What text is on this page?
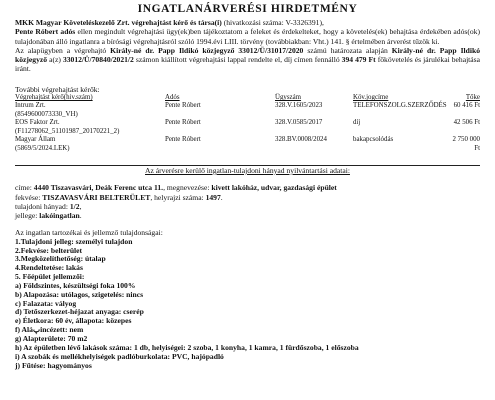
INGATLANÁRVERÉSI HIRDETMÉNY

MKK Magyar Követeléskezelő Zrt. végrehajtást kérő és társa(i) (hivatkozási száma: V-3326391),
Pente Róbert adós ellen megindult végrehajtási ügy(ek)ben tájékoztatom a feleket és érdekelteket, hogy a követelés(ek) behajtása érdekében adós(ok) tulajdonában álló ingatlanra a bírósági végrehajtásról szóló 1994.évi LIII. törvény (továbbiakban: Vht.) 141. § értelmében árverést tűzök ki.

Az alapügyben a végrehajtó Király-né dr. Papp Ildikó közjegyző 33012/Ü/31017/2020 számú határozata alapján Király-né dr. Papp Ildikó közjegyző a(z) 33012/Ü/70840/2021/2 számon kiállított végrehajtási lappal rendelte el, díj címen fennálló 394 479 Ft főkövetelés és járulékai behajtása iránt.

További végrehajtást kérők:

Végrehajtást kérő(hiv.szám)	Adós	Ügyszám	Köv.jogcíme	Tőke
Intrum Zrt.
(8549600073330_VH)	Pente Róbert	328.V.1605/2023	TELEFONSZOLG.SZERZŐDÉS	60 416 Ft
EOS Faktor Zrt.
(F11278062_51101987_20170221_2)	Pente Róbert	328.V.0585/2017	díj	42 506 Ft
Magyar Állam
(5869/5/2024.LEK)	Pente Róbert	328.BV.0008/2024	bakapcsolódás	2 750 000 Ft

Az árverésre kerülő ingatlan-tulajdoni hányad nyilvántartási adatai:

címe: 4440 Tiszavasvári, Deák Ferenc utca 11., megnevezése: kivett lakóház, udvar, gazdasági épület

fekvése: TISZAVASVÁRI BELTERÜLET, helyrajzi száma: 1497.

tulajdoni hányad: 1/2,

jellege: lakóingatlan.

Az ingatlan tartozékai és jellemző tulajdonságai:

1.Tulajdoni jelleg: személyi tulajdon

2.Fekvése: belterület

3.Megközelíthetőség: útalap

4.Rendeltetése: lakás

5. Főépület jellemzői:

a) Földszintes, készültségi foka 100%

b) Alapozása: utólagos, szigetelés: nincs

c) Falazata: vályog

d) Tetőszerkezet-héjazat anyaga: cserép

e) Életkora: 60 év, állapota: közepes

f) Aláپincézett: nem

g) Alapterülete: 70 m2

h) Az épületben lévő lakások száma: 1 db, helyiségei: 2 szoba, 1 konyha, 1 kamra, 1 fürdőszoba, 1 előszoba

i) A szobák és mellékhelyiségek padlóburkolata: PVC, hajópadló

j) Fűtése: hagyományos
